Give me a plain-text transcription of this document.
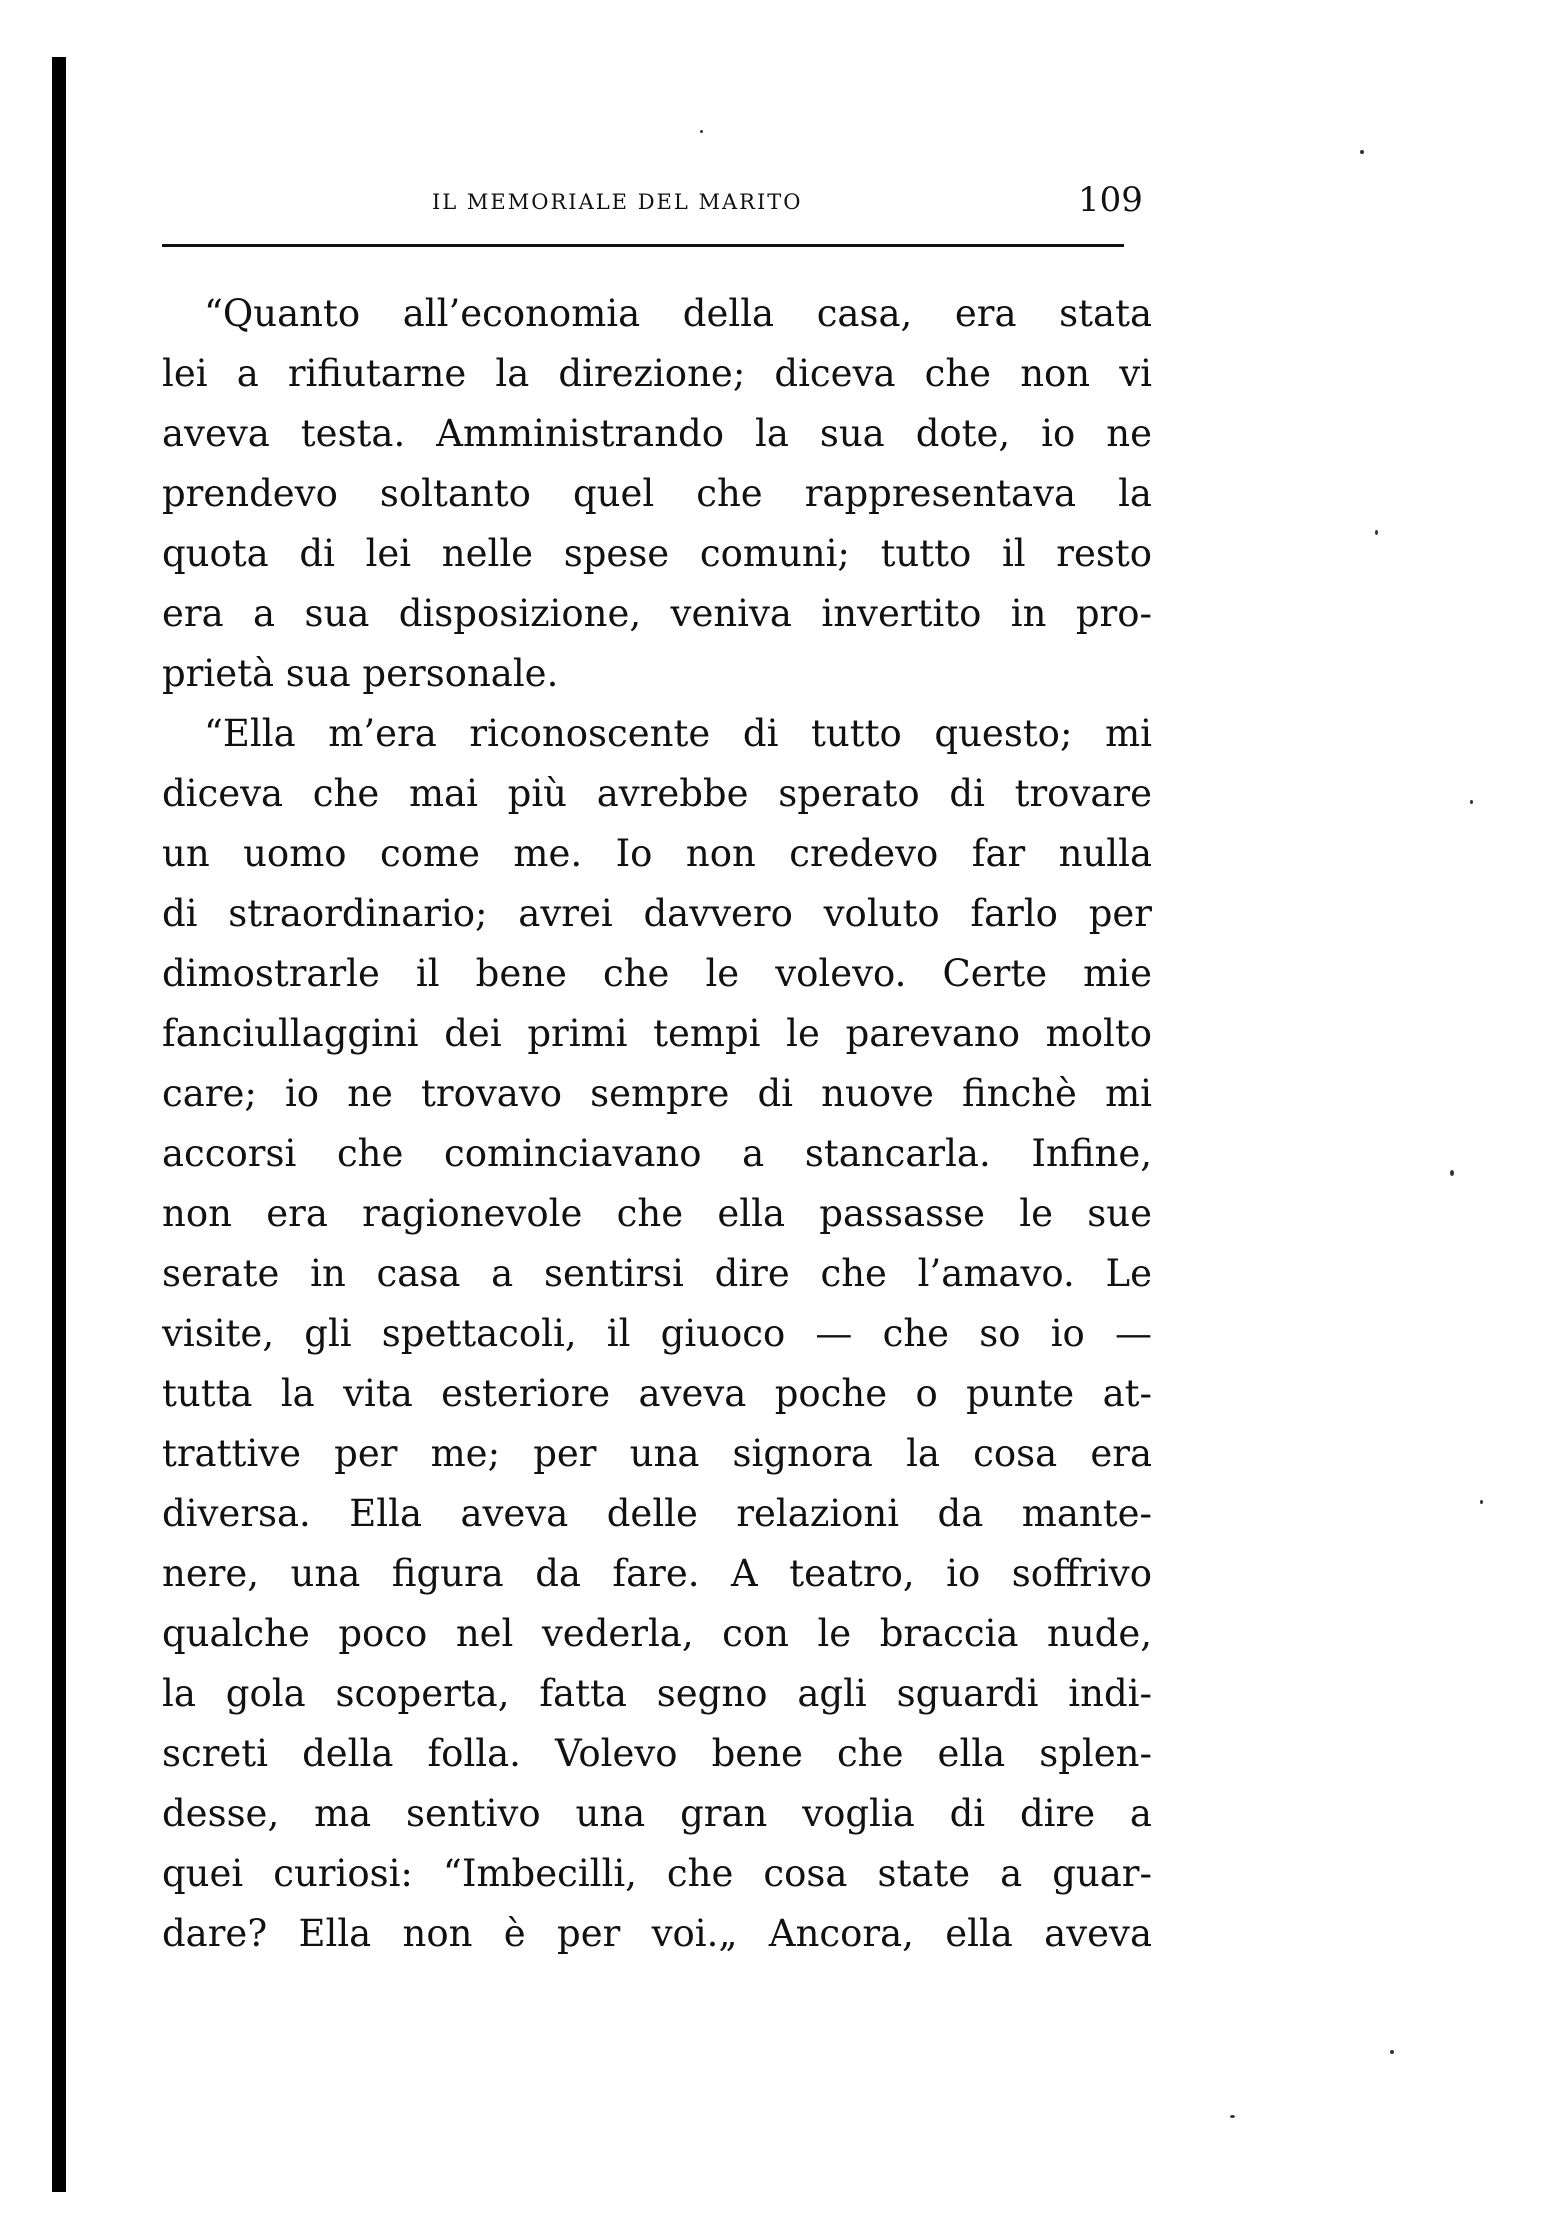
IL MEMORIALE DEL MARITO	109
“Quanto all’economia della casa, era stata
lei a rifiutarne la direzione; diceva che non vi
aveva testa. Amministrando la sua dote, io ne
prendevo soltanto quel che rappresentava la
quota di lei nelle spese comuni; tutto il resto
era a sua disposizione, veniva invertito in pro-
prietà sua personale.
“Ella m’era riconoscente di tutto questo; mi
diceva che mai più avrebbe sperato di trovare
un uomo come me. Io non credevo far nulla
di straordinario; avrei davvero voluto farlo per
dimostrarle il bene che le volevo. Certe mie
fanciullaggini dei primi tempi le parevano molto
care; io ne trovavo sempre di nuove finchè mi
accorsi che cominciavano a stancarla. Infine,
non era ragionevole che ella passasse le sue
serate in casa a sentirsi dire che l’amavo. Le
visite, gli spettacoli, il giuoco — che so io —
tutta la vita esteriore aveva poche o punte at-
trattive per me; per una signora la cosa era
diversa. Ella aveva delle relazioni da mante-
nere, una figura da fare. A teatro, io soffrivo
qualche poco nel vederla, con le braccia nude,
la gola scoperta, fatta segno agli sguardi indi-
screti della folla. Volevo bene che ella splen-
desse, ma sentivo una gran voglia di dire a
quei curiosi: “Imbecilli, che cosa state a guar-
dare? Ella non è per voi.„ Ancora, ella aveva
